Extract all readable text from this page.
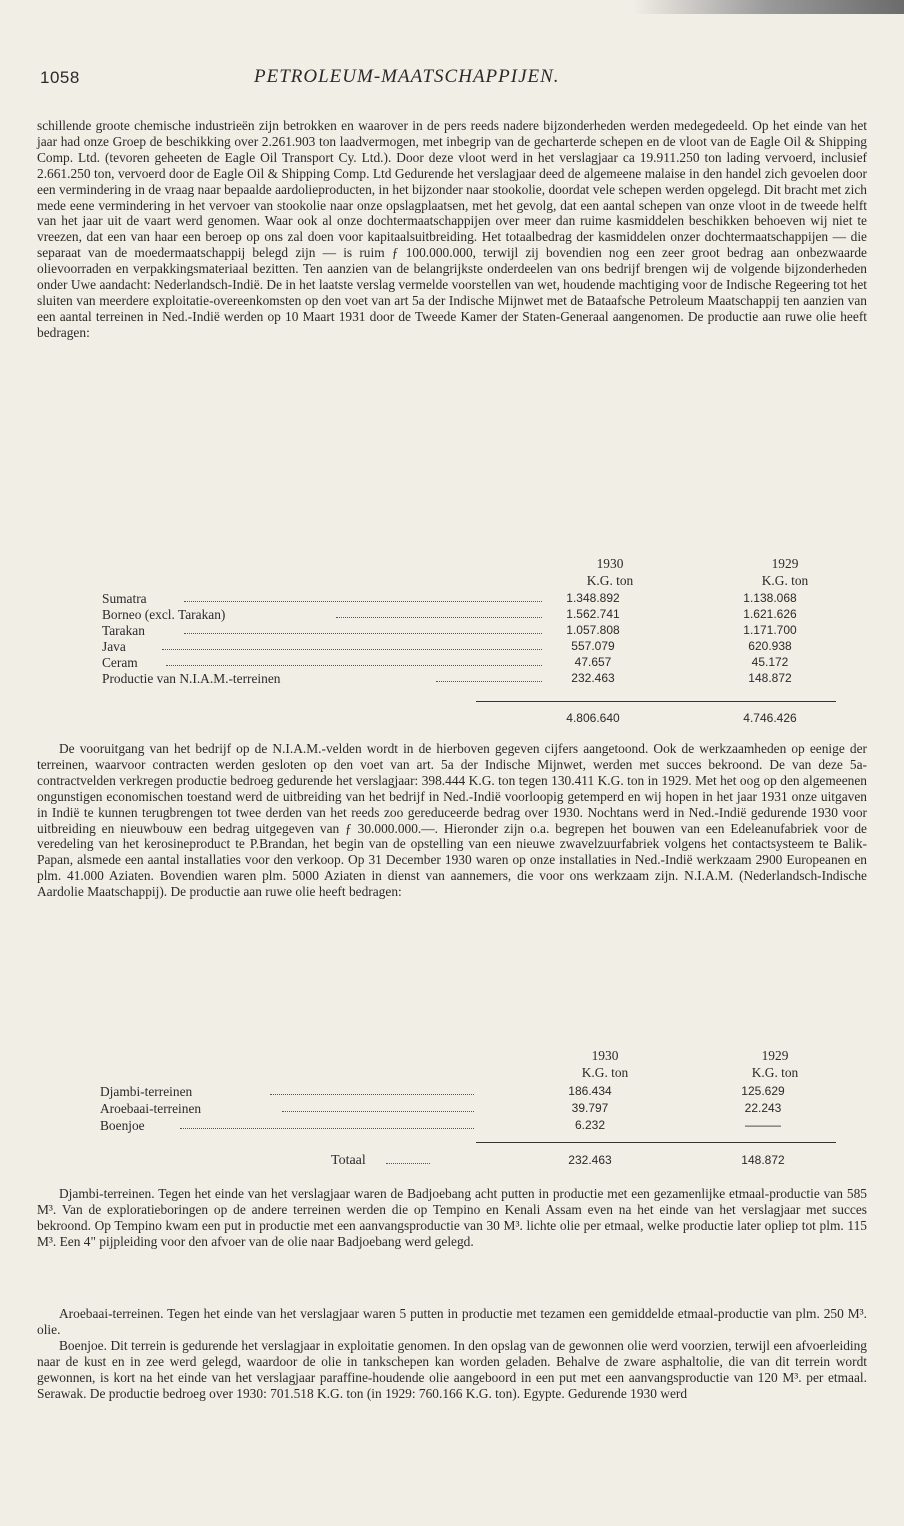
1058	PETROLEUM-MAATSCHAPPIJEN.

schillende groote chemische industrieën zijn betrokken en waarover in de pers reeds nadere bijzonderheden werden medegedeeld. Op het einde van het jaar had onze Groep de beschikking over 2.261.903 ton laadvermogen, met inbegrip van de gecharterde schepen en de vloot van de Eagle Oil & Shipping Comp. Ltd. (tevoren geheeten de Eagle Oil Transport Cy. Ltd.). Door deze vloot werd in het verslagjaar ca 19.911.250 ton lading vervoerd, inclusief 2.661.250 ton, vervoerd door de Eagle Oil & Shipping Comp. Ltd Gedurende het verslagjaar deed de algemeene malaise in den handel zich gevoelen door een vermindering in de vraag naar bepaalde aardolieproducten, in het bijzonder naar stookolie, doordat vele schepen werden opgelegd. Dit bracht met zich mede eene vermindering in het vervoer van stookolie naar onze opslagplaatsen, met het gevolg, dat een aantal schepen van onze vloot in de tweede helft van het jaar uit de vaart werd genomen. Waar ook al onze dochtermaatschappijen over meer dan ruime kasmiddelen beschikken behoeven wij niet te vreezen, dat een van haar een beroep op ons zal doen voor kapitaalsuitbreiding. Het totaalbedrag der kasmiddelen onzer dochtermaatschappijen — die separaat van de moedermaatschappij belegd zijn — is ruim ƒ 100.000.000, terwijl zij bovendien nog een zeer groot bedrag aan onbezwaarde olievoorraden en verpakkingsmateriaal bezitten. Ten aanzien van de belangrijkste onderdeelen van ons bedrijf brengen wij de volgende bijzonderheden onder Uwe aandacht: Nederlandsch-Indië. De in het laatste verslag vermelde voorstellen van wet, houdende machtiging voor de Indische Regeering tot het sluiten van meerdere exploitatie-overeenkomsten op den voet van art 5a der Indische Mijnwet met de Bataafsche Petroleum Maatschappij ten aanzien van een aantal terreinen in Ned.-Indië werden op 10 Maart 1931 door de Tweede Kamer der Staten-Generaal aangenomen. De productie aan ruwe olie heeft bedragen:

1930	1929
K.G. ton	K.G. ton
Sumatra	1.348.892	1.138.068
Borneo (excl. Tarakan)	1.562.741	1.621.626
Tarakan	1.057.808	1.171.700
Java	557.079	620.938
Ceram	47.657	45.172
Productie van N.I.A.M.-terreinen	232.463	148.872
4.806.640	4.746.426

De vooruitgang van het bedrijf op de N.I.A.M.-velden wordt in de hierboven gegeven cijfers aangetoond. Ook de werkzaamheden op eenige der terreinen, waarvoor contracten werden gesloten op den voet van art. 5a der Indische Mijnwet, werden met succes bekroond. De van deze 5a-contractvelden verkregen productie bedroeg gedurende het verslagjaar: 398.444 K.G. ton tegen 130.411 K.G. ton in 1929. Met het oog op den algemeenen ongunstigen economischen toestand werd de uitbreiding van het bedrijf in Ned.-Indië voorloopig getemperd en wij hopen in het jaar 1931 onze uitgaven in Indië te kunnen terugbrengen tot twee derden van het reeds zoo gereduceerde bedrag over 1930. Nochtans werd in Ned.-Indië gedurende 1930 voor uitbreiding en nieuwbouw een bedrag uitgegeven van ƒ 30.000.000.—. Hieronder zijn o.a. begrepen het bouwen van een Edeleanufabriek voor de veredeling van het kerosineproduct te P.Brandan, het begin van de opstelling van een nieuwe zwavelzuurfabriek volgens het contactsysteem te Balik-Papan, alsmede een aantal installaties voor den verkoop. Op 31 December 1930 waren op onze installaties in Ned.-Indië werkzaam 2900 Europeanen en plm. 41.000 Aziaten. Bovendien waren plm. 5000 Aziaten in dienst van aannemers, die voor ons werkzaam zijn. N.I.A.M. (Nederlandsch-Indische Aardolie Maatschappij). De productie aan ruwe olie heeft bedragen:

1930	1929
K.G. ton	K.G. ton
Djambi-terreinen	186.434	125.629
Aroebaai-terreinen	39.797	22.243
Boenjoe	6.232	———
Totaal	232.463	148.872

Djambi-terreinen. Tegen het einde van het verslagjaar waren de Badjoebang acht putten in productie met een gezamenlijke etmaal-productie van 585 M³. Van de exploratieboringen op de andere terreinen werden die op Tempino en Kenali Assam even na het einde van het verslagjaar met succes bekroond. Op Tempino kwam een put in productie met een aanvangsproductie van 30 M³. lichte olie per etmaal, welke productie later opliep tot plm. 115 M³. Een 4" pijpleiding voor den afvoer van de olie naar Badjoebang werd gelegd.

Aroebaai-terreinen. Tegen het einde van het verslagjaar waren 5 putten in productie met tezamen een gemiddelde etmaal-productie van plm. 250 M³. olie.

Boenjoe. Dit terrein is gedurende het verslagjaar in exploitatie genomen. In den opslag van de gewonnen olie werd voorzien, terwijl een afvoerleiding naar de kust en in zee werd gelegd, waardoor de olie in tankschepen kan worden geladen. Behalve de zware asphaltolie, die van dit terrein wordt gewonnen, is kort na het einde van het verslagjaar paraffine-houdende olie aangeboord in een put met een aanvangsproductie van 120 M³. per etmaal. Serawak. De productie bedroeg over 1930: 701.518 K.G. ton (in 1929: 760.166 K.G. ton). Egypte. Gedurende 1930 werd
